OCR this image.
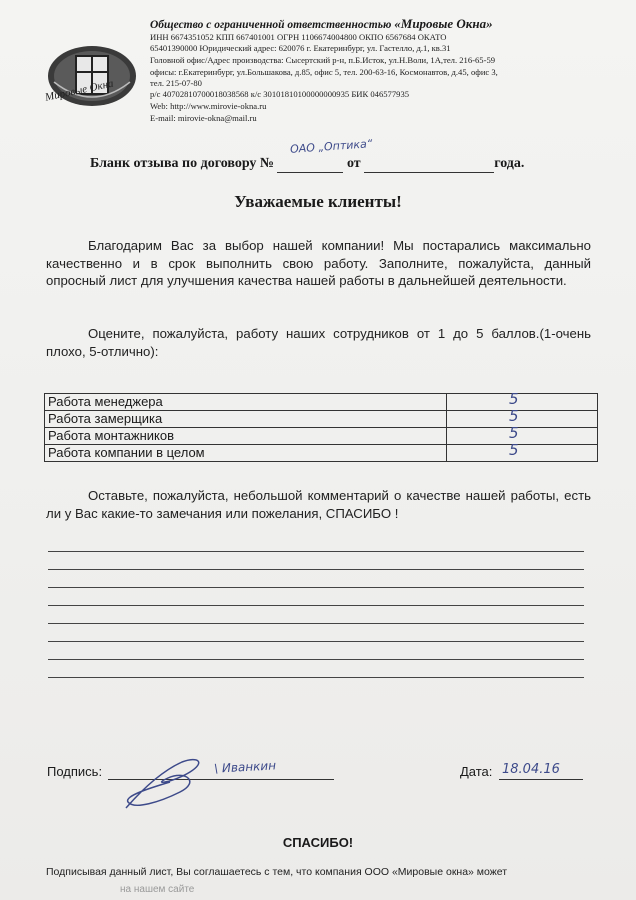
Мировые Окна
Общество с ограниченной ответственностью «Мировые Окна»
ИНН 6674351052 КПП 667401001 ОГРН 1106674004800 ОКПО 6567684 ОКАТО
65401390000 Юридический адрес: 620076 г. Екатеринбург, ул. Гастелло, д.1, кв.31
Головной офис/Адрес производства: Сысертский р-н, п.Б.Исток, ул.Н.Воли, 1А,тел. 216-65-59
офисы: г.Екатеринбург, ул.Большакова, д.85, офис 5, тел. 200-63-16, Космонавтов, д.45, офис 3,
тел. 215-07-80
р/с 40702810700018038568 к/с 30101810100000000935 БИК 046577935
Web: http://www.mirovie-okna.ru
E-mail: mirovie-okna@mail.ru
ОАО „Оптика“
Бланк отзыва по договору №	от	года.
Уважаемые клиенты!
Благодарим Вас за выбор нашей компании! Мы постарались максимально качественно и в срок выполнить свою работу. Заполните, пожалуйста, данный опросный лист для улучшения качества нашей работы в дальнейшей деятельности.
Оцените, пожалуйста, работу наших сотрудников от 1 до 5 баллов.(1-очень плохо, 5-отлично):
Работа менеджера	5

Работа замерщика	5

Работа монтажников	5

Работа компании в целом	5
Оставьте, пожалуйста, небольшой комментарий о качестве нашей работы, есть ли у Вас какие-то замечания или пожелания, СПАСИБО !
Подпись:	\ Иванкин	Дата: 18.04.16
СПАСИБО!
Подписывая данный лист, Вы соглашаетесь с тем, что компания ООО «Мировые окна» может
на нашем сайте
